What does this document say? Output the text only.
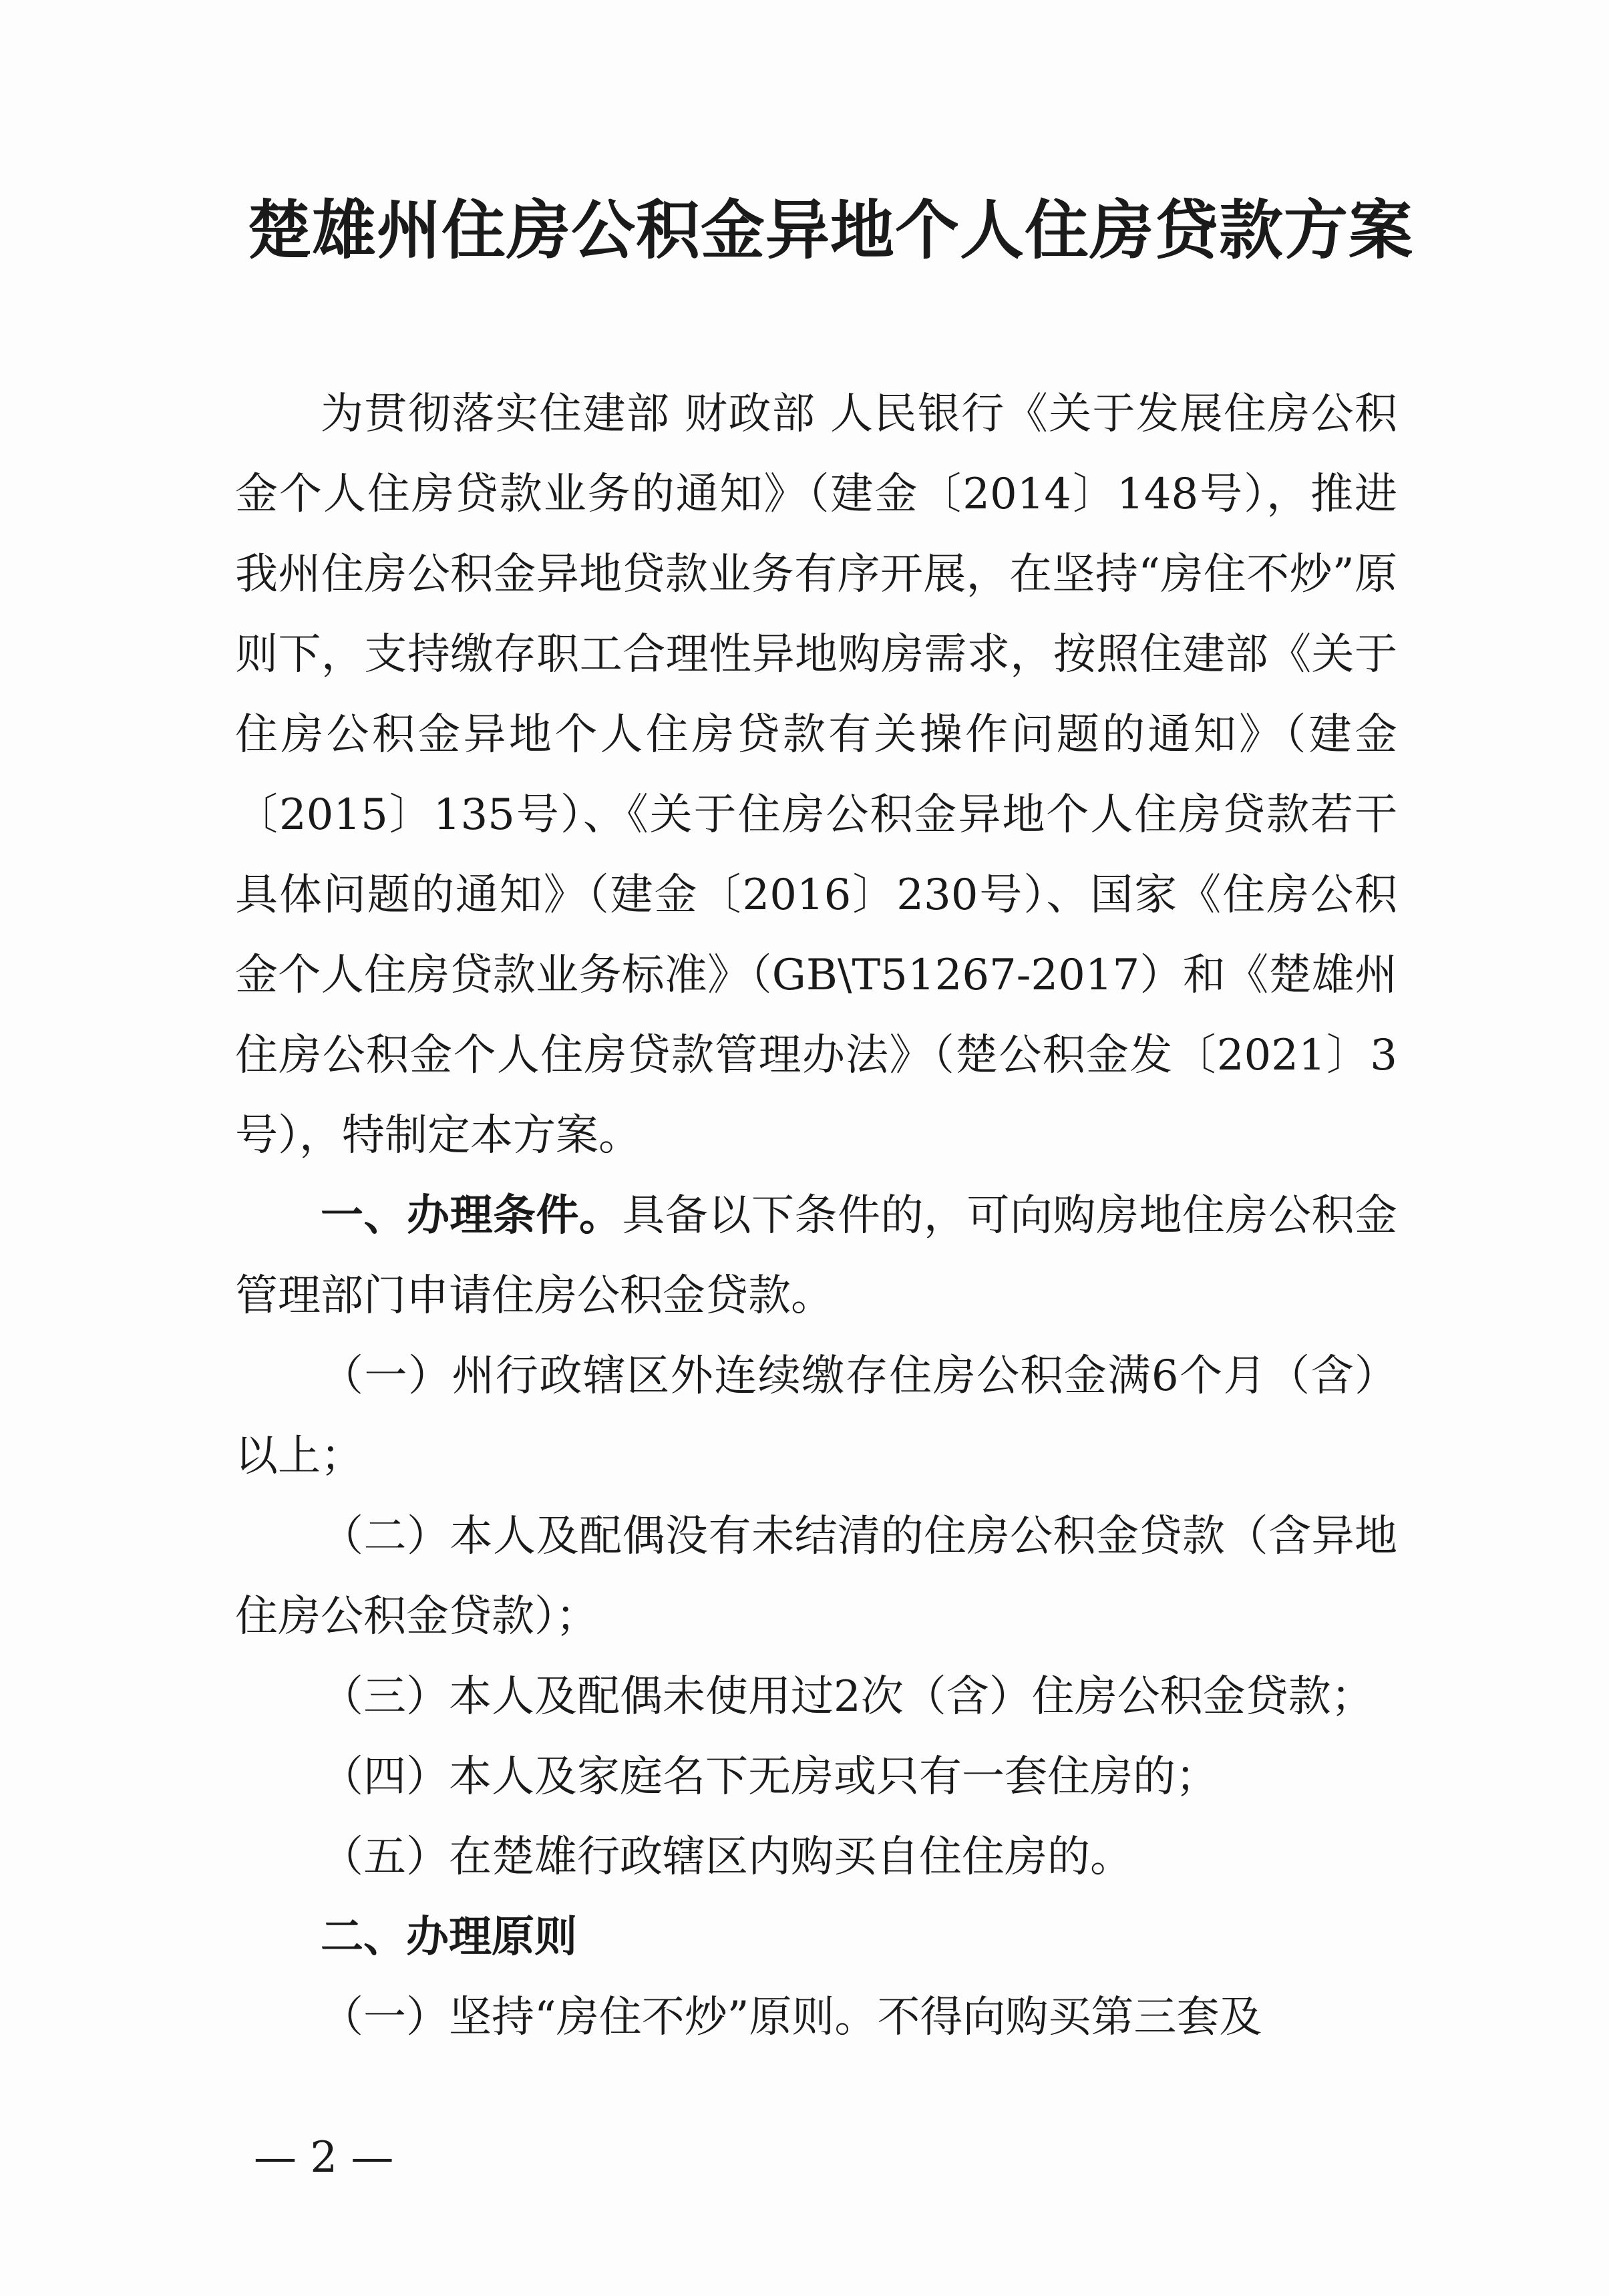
楚雄州住房公积金异地个人住房贷款方案

为贯彻落实住建部 财政部 人民银行《关于发展住房公积金个人住房贷款业务的通知》（建金〔2014〕148号），推进我州住房公积金异地贷款业务有序开展，在坚持“房住不炒”原则下，支持缴存职工合理性异地购房需求，按照住建部《关于住房公积金异地个人住房贷款有关操作问题的通知》（建金〔2015〕135号）、《关于住房公积金异地个人住房贷款若干具体问题的通知》（建金〔2016〕230号）、国家《住房公积金个人住房贷款业务标准》（GB\T51267-2017）和《楚雄州住房公积金个人住房贷款管理办法》（楚公积金发〔2021〕3号），特制定本方案。

一、办理条件。具备以下条件的，可向购房地住房公积金管理部门申请住房公积金贷款。

（一）州行政辖区外连续缴存住房公积金满6个月（含）以上；

（二）本人及配偶没有未结清的住房公积金贷款（含异地住房公积金贷款）；

（三）本人及配偶未使用过2次（含）住房公积金贷款；

（四）本人及家庭名下无房或只有一套住房的；

（五）在楚雄行政辖区内购买自住住房的。

二、办理原则

（一）坚持“房住不炒”原则。不得向购买第三套及

— 2 —
